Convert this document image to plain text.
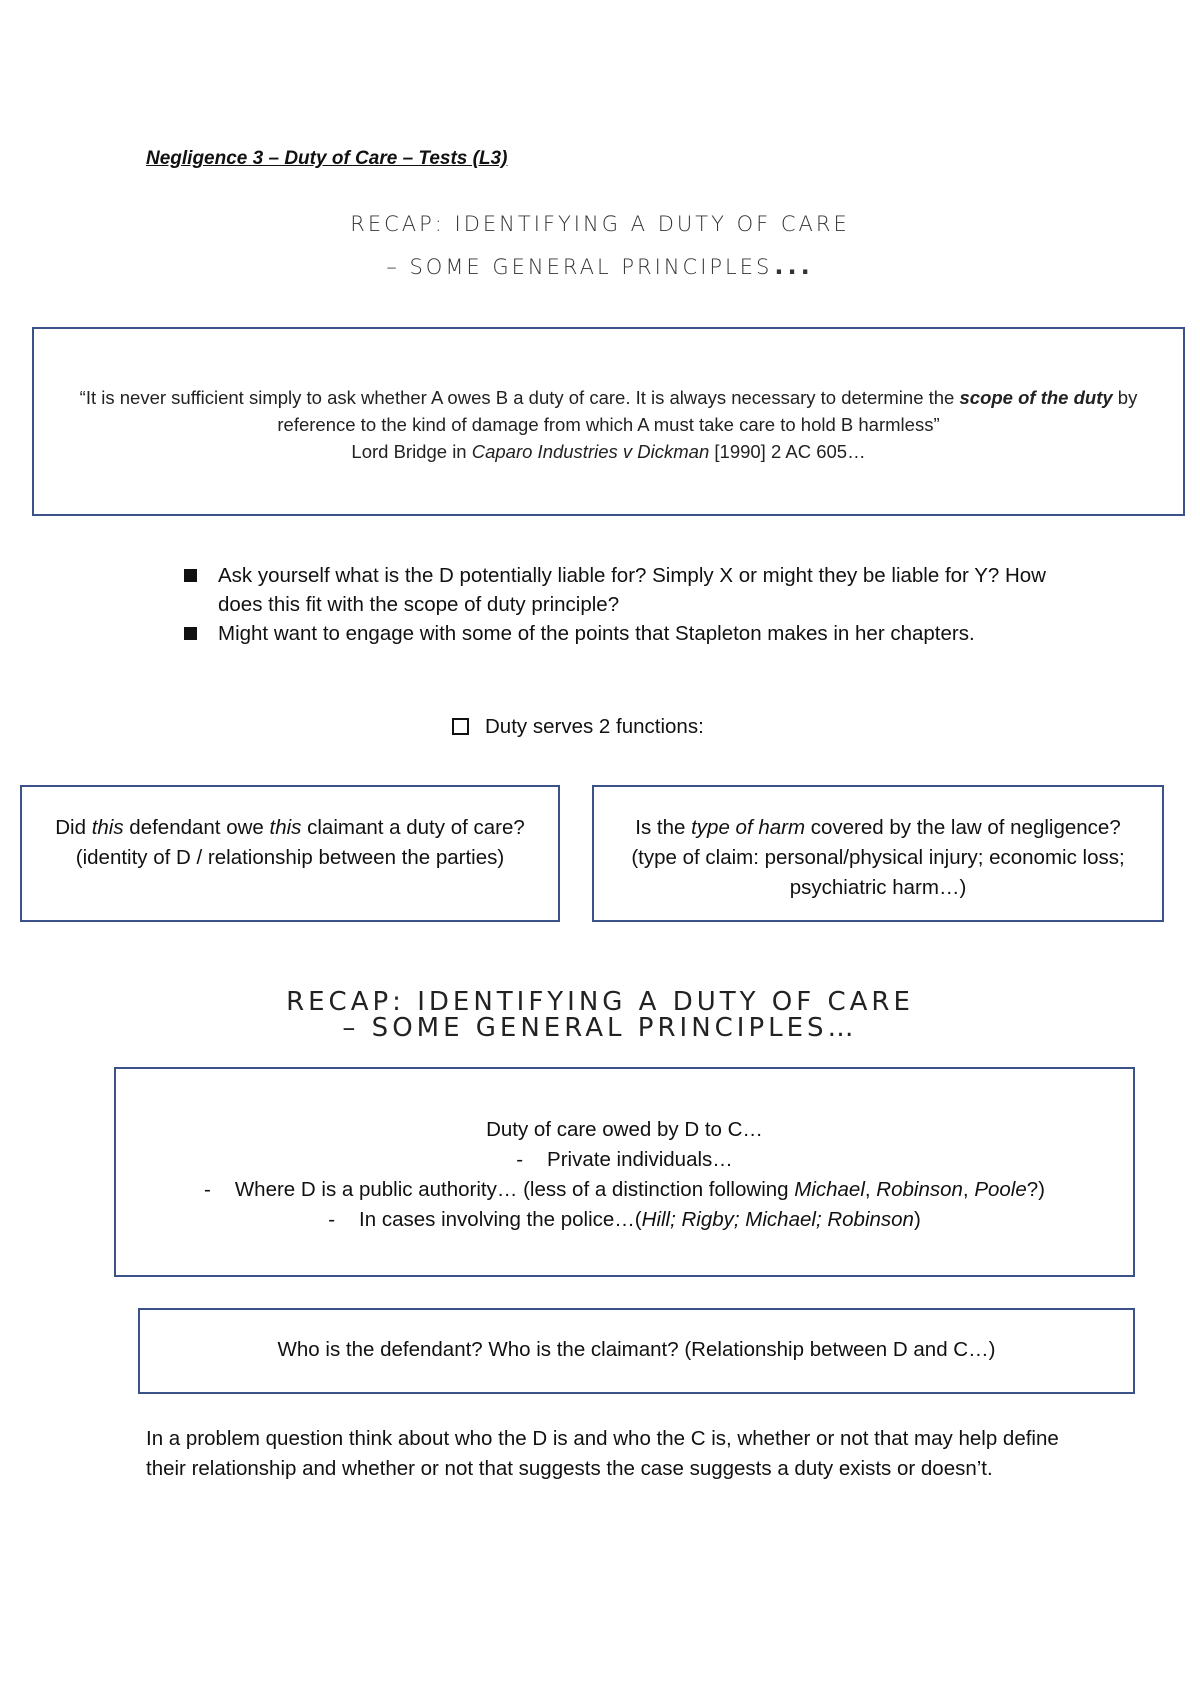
Negligence 3 – Duty of Care – Tests (L3)
RECAP: IDENTIFYING A DUTY OF CARE
– SOME GENERAL PRINCIPLES...
“It is never sufficient simply to ask whether A owes B a duty of care. It is always necessary to determine the scope of the duty by reference to the kind of damage from which A must take care to hold B harmless”
Lord Bridge in Caparo Industries v Dickman [1990] 2 AC 605…
Ask yourself what is the D potentially liable for? Simply X or might they be liable for Y? How does this fit with the scope of duty principle?
Might want to engage with some of the points that Stapleton makes in her chapters.
Duty serves 2 functions:
Did this defendant owe this claimant a duty of care?
(identity of D / relationship between the parties)
Is the type of harm covered by the law of negligence?
(type of claim: personal/physical injury; economic loss; psychiatric harm…)
RECAP: IDENTIFYING A DUTY OF CARE
– SOME GENERAL PRINCIPLES…
Duty of care owed by D to C…
- Private individuals…
- Where D is a public authority… (less of a distinction following Michael, Robinson, Poole?)
- In cases involving the police…(Hill; Rigby; Michael; Robinson)
Who is the defendant? Who is the claimant? (Relationship between D and C…)
In a problem question think about who the D is and who the C is, whether or not that may help define their relationship and whether or not that suggests the case suggests a duty exists or doesn’t.
